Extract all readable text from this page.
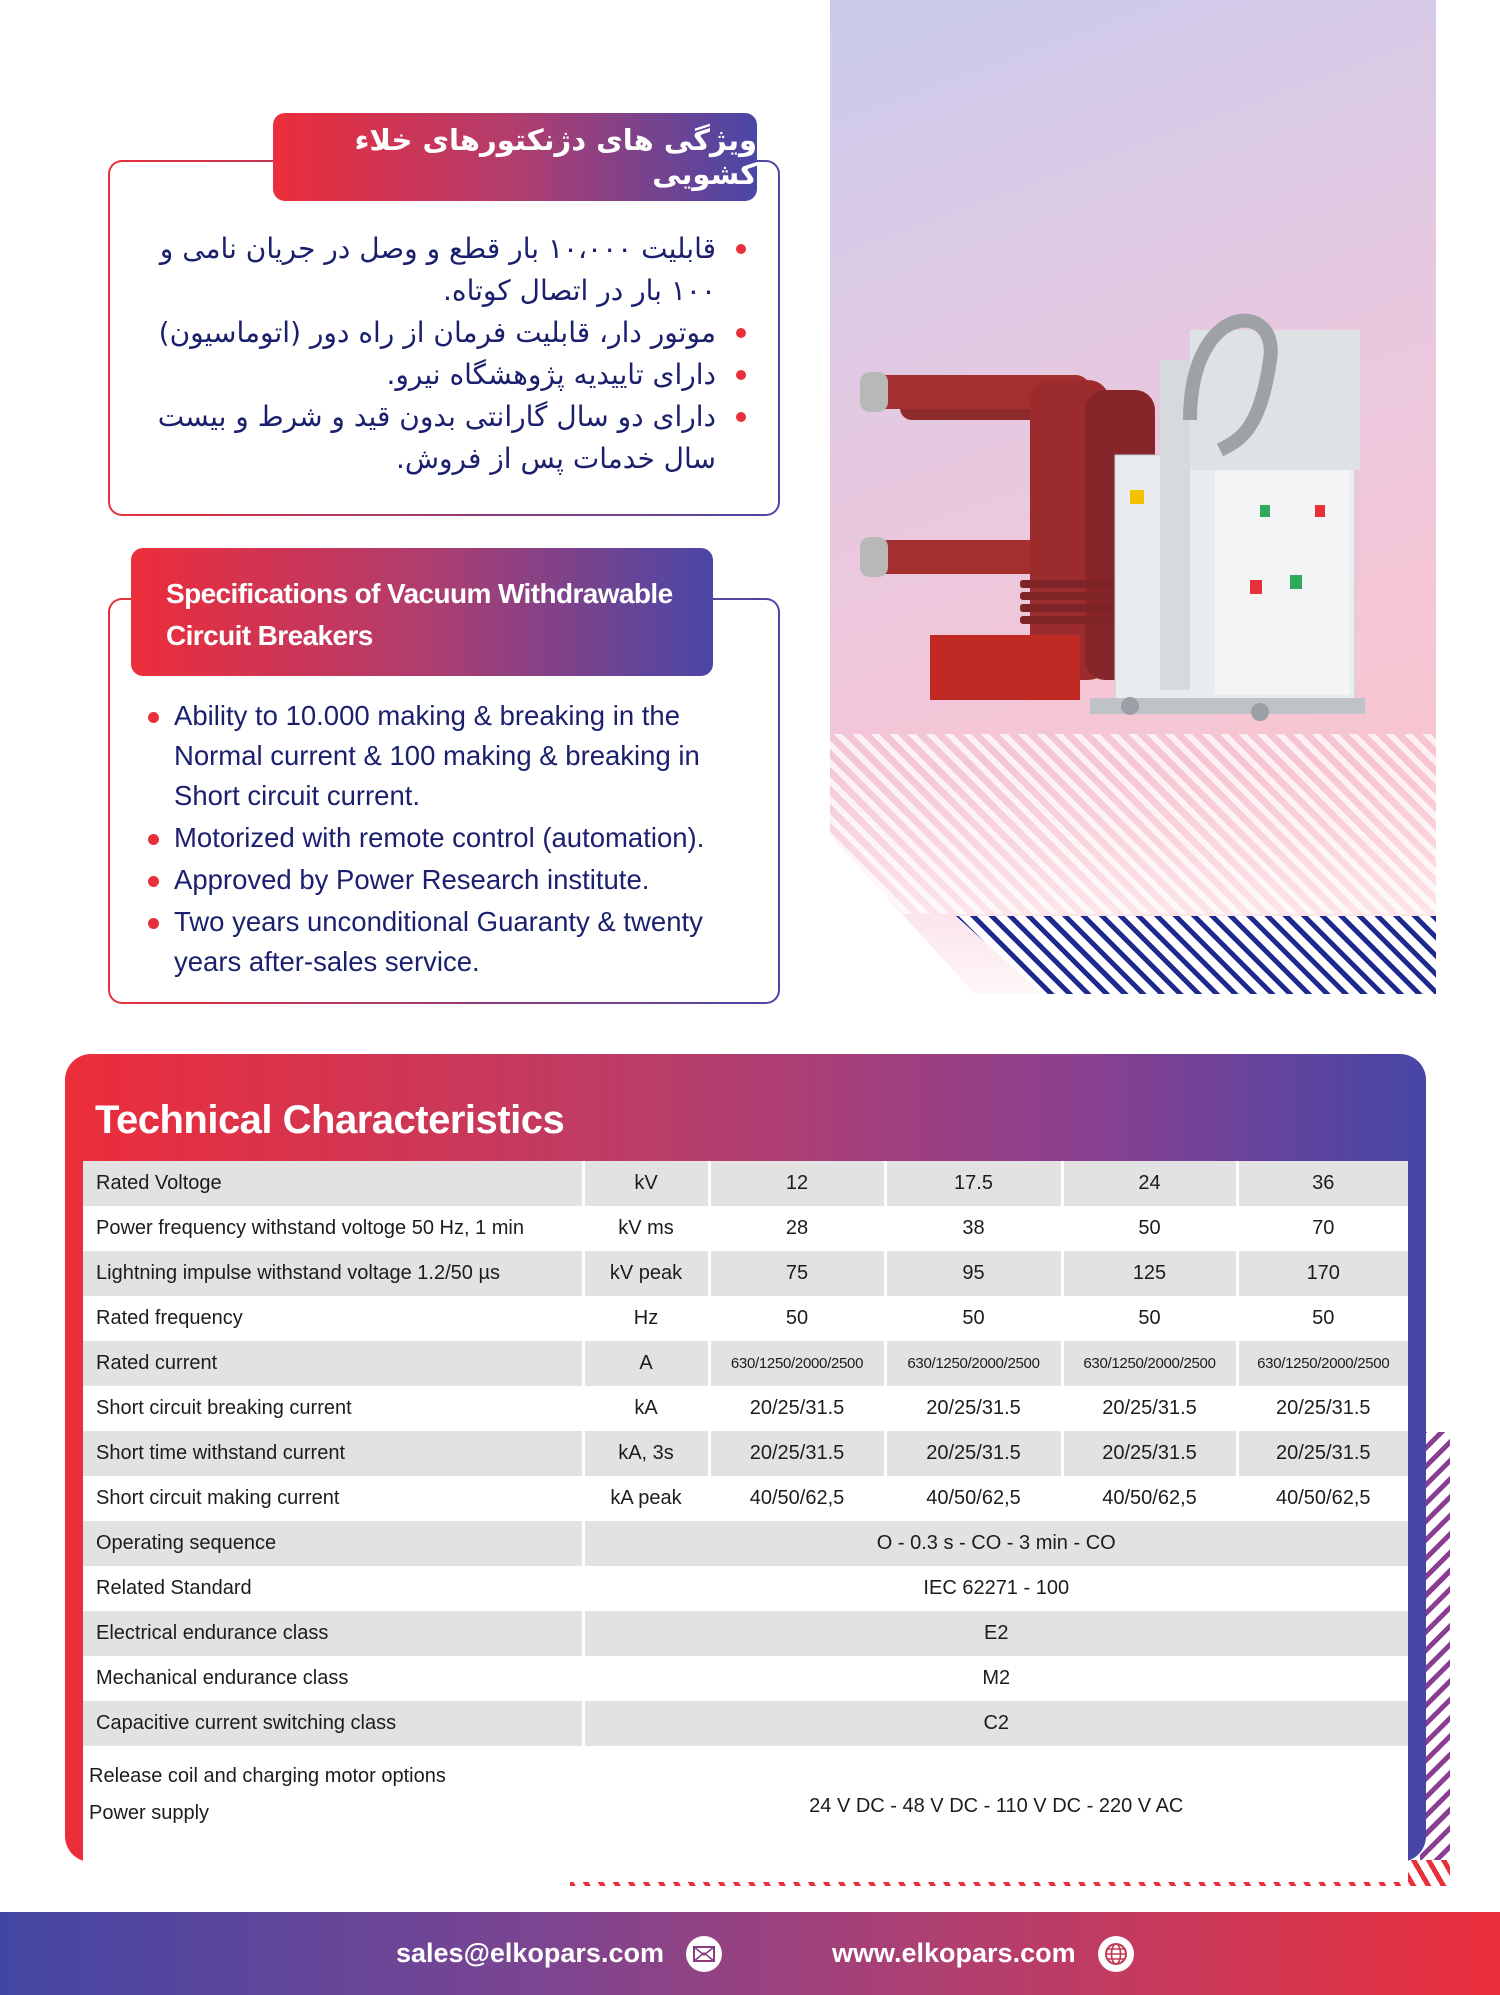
ویژگی های دژنکتورهای خلاء کشویی
قابلیت ۱۰،۰۰۰ بار قطع و وصل در جریان نامی و ۱۰۰ بار در اتصال کوتاه.
موتور دار، قابلیت فرمان از راه دور (اتوماسیون)
دارای تاییدیه پژوهشگاه نیرو.
دارای دو سال گارانتی بدون قید و شرط و بیست سال خدمات پس از فروش.
Specifications of Vacuum Withdrawable Circuit Breakers
Ability to 10.000 making & breaking in the Normal current & 100 making & breaking in Short circuit current.
Motorized with remote control (automation).
Approved by Power Research institute.
Two years unconditional Guaranty & twenty years after-sales service.
Technical Characteristics
Rated Voltoge	kV	12	17.5	24	36
Power frequency withstand voltoge 50 Hz, 1 min	kV ms	28	38	50	70
Lightning impulse withstand voltage 1.2/50 µs	kV peak	75	95	125	170
Rated frequency	Hz	50	50	50	50
Rated current	A	630/1250/2000/2500	630/1250/2000/2500	630/1250/2000/2500	630/1250/2000/2500
Short circuit breaking current	kA	20/25/31.5	20/25/31.5	20/25/31.5	20/25/31.5
Short time withstand current	kA, 3s	20/25/31.5	20/25/31.5	20/25/31.5	20/25/31.5
Short circuit making current	kA peak	40/50/62,5	40/50/62,5	40/50/62,5	40/50/62,5
Operating sequence	O - 0.3 s - CO - 3 min - CO				
Related Standard	IEC 62271 - 100				
Electrical endurance class	E2				
Mechanical endurance class	M2				
Capacitive current switching class	C2				

Release coil and charging motor options
Power supply	24 V DC - 48 V DC - 110 V DC - 220 V AC				
sales@elkopars.com	www.elkopars.com
